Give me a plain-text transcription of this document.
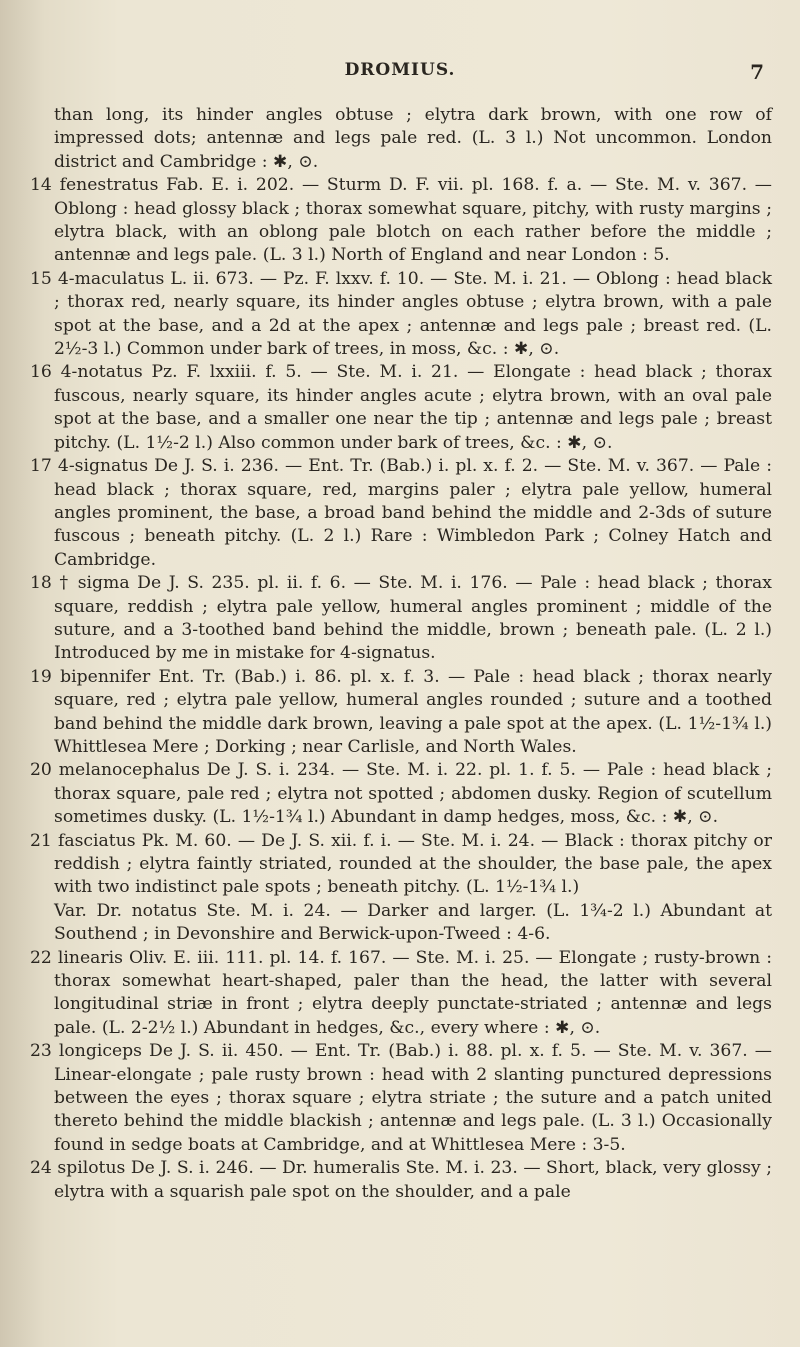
DROMIUS.	7

than long, its hinder angles obtuse ; elytra dark brown, with one row of impressed dots; antennæ and legs pale red. (L. 3 l.) Not uncommon. London district and Cambridge : ✱, ⊙.

14 fenestratus Fab. E. i. 202. — Sturm D. F. vii. pl. 168. f. a. — Ste. M. v. 367. — Oblong : head glossy black ; thorax somewhat square, pitchy, with rusty margins ; elytra black, with an oblong pale blotch on each rather before the middle ; antennæ and legs pale. (L. 3 l.) North of England and near London : 5.

15 4-maculatus L. ii. 673. — Pz. F. lxxv. f. 10. — Ste. M. i. 21. — Oblong : head black ; thorax red, nearly square, its hinder angles obtuse ; elytra brown, with a pale spot at the base, and a 2d at the apex ; antennæ and legs pale ; breast red. (L. 2½-3 l.) Common under bark of trees, in moss, &c. : ✱, ⊙.

16 4-notatus Pz. F. lxxiii. f. 5. — Ste. M. i. 21. — Elongate : head black ; thorax fuscous, nearly square, its hinder angles acute ; elytra brown, with an oval pale spot at the base, and a smaller one near the tip ; antennæ and legs pale ; breast pitchy. (L. 1½-2 l.) Also common under bark of trees, &c. : ✱, ⊙.

17 4-signatus De J. S. i. 236. — Ent. Tr. (Bab.) i. pl. x. f. 2. — Ste. M. v. 367. — Pale : head black ; thorax square, red, margins paler ; elytra pale yellow, humeral angles prominent, the base, a broad band behind the middle and 2-3ds of suture fuscous ; beneath pitchy. (L. 2 l.) Rare : Wimbledon Park ; Colney Hatch and Cambridge.

18 † sigma De J. S. 235. pl. ii. f. 6. — Ste. M. i. 176. — Pale : head black ; thorax square, reddish ; elytra pale yellow, humeral angles prominent ; middle of the suture, and a 3-toothed band behind the middle, brown ; beneath pale. (L. 2 l.) Introduced by me in mistake for 4-signatus.

19 bipennifer Ent. Tr. (Bab.) i. 86. pl. x. f. 3. — Pale : head black ; thorax nearly square, red ; elytra pale yellow, humeral angles rounded ; suture and a toothed band behind the middle dark brown, leaving a pale spot at the apex. (L. 1½-1¾ l.) Whittlesea Mere ; Dorking ; near Carlisle, and North Wales.

20 melanocephalus De J. S. i. 234. — Ste. M. i. 22. pl. 1. f. 5. — Pale : head black ; thorax square, pale red ; elytra not spotted ; abdomen dusky. Region of scutellum sometimes dusky. (L. 1½-1¾ l.) Abundant in damp hedges, moss, &c. : ✱, ⊙.

21 fasciatus Pk. M. 60. — De J. S. xii. f. i. — Ste. M. i. 24. — Black : thorax pitchy or reddish ; elytra faintly striated, rounded at the shoulder, the base pale, the apex with two indistinct pale spots ; beneath pitchy. (L. 1½-1¾ l.)

Var. Dr. notatus Ste. M. i. 24. — Darker and larger. (L. 1¾-2 l.) Abundant at Southend ; in Devonshire and Berwick-upon-Tweed : 4-6.

22 linearis Oliv. E. iii. 111. pl. 14. f. 167. — Ste. M. i. 25. — Elongate ; rusty-brown : thorax somewhat heart-shaped, paler than the head, the latter with several longitudinal striæ in front ; elytra deeply punctate-striated ; antennæ and legs pale. (L. 2-2½ l.) Abundant in hedges, &c., every where : ✱, ⊙.

23 longiceps De J. S. ii. 450. — Ent. Tr. (Bab.) i. 88. pl. x. f. 5. — Ste. M. v. 367. — Linear-elongate ; pale rusty brown : head with 2 slanting punctured depressions between the eyes ; thorax square ; elytra striate ; the suture and a patch united thereto behind the middle blackish ; antennæ and legs pale. (L. 3 l.) Occasionally found in sedge boats at Cambridge, and at Whittlesea Mere : 3-5.

24 spilotus De J. S. i. 246. — Dr. humeralis Ste. M. i. 23. — Short, black, very glossy ; elytra with a squarish pale spot on the shoulder, and a pale
